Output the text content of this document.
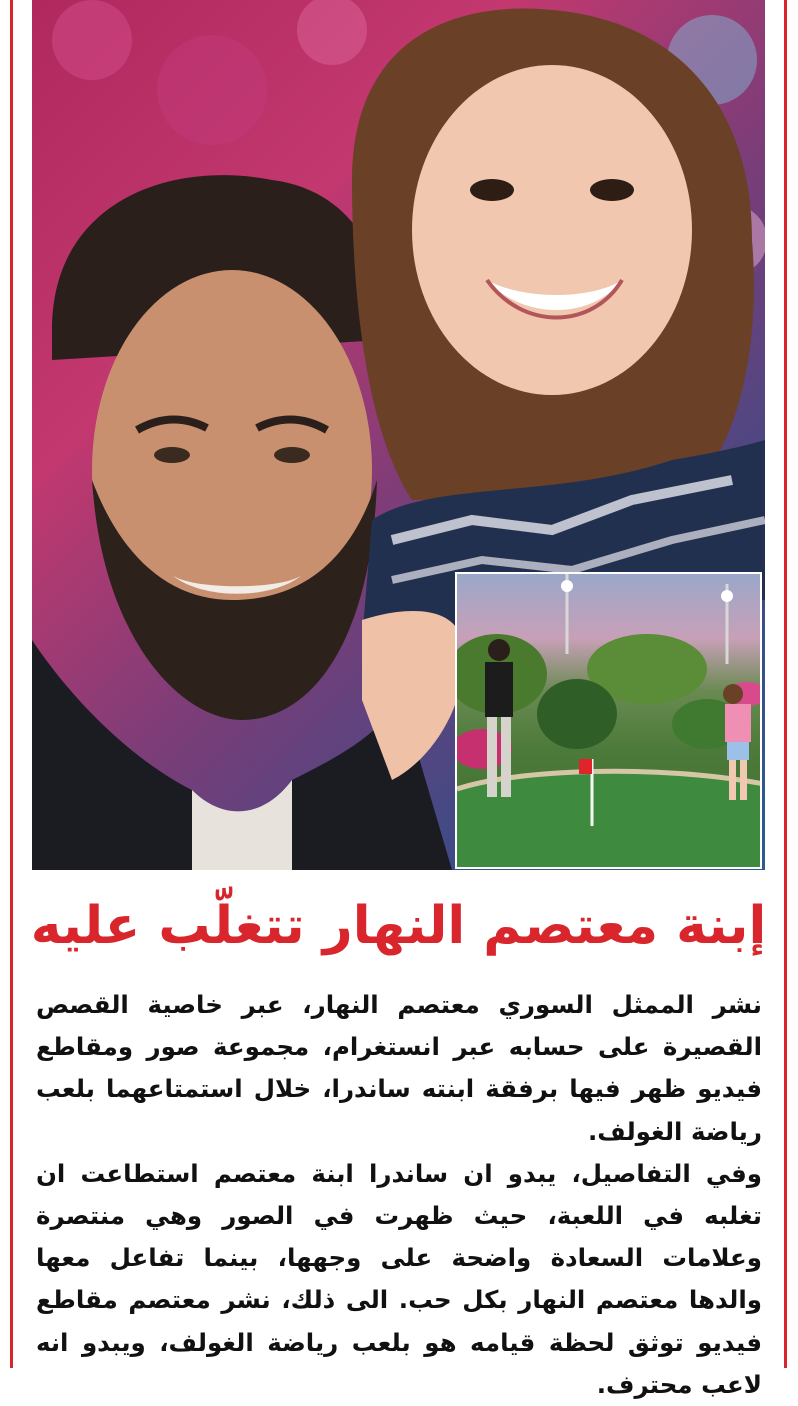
إبنة معتصم النهار تتغلّب عليه

نشر الممثل السوري معتصم النهار، عبر خاصية القصص القصيرة على حسابه عبر انستغرام، مجموعة صور ومقاطع فيديو ظهر فيها برفقة ابنته ساندرا، خلال استمتاعهما بلعب رياضة الغولف.

وفي التفاصيل، يبدو ان ساندرا ابنة معتصم استطاعت ان تغلبه في اللعبة، حيث ظهرت في الصور وهي منتصرة وعلامات السعادة واضحة على وجهها، بينما تفاعل معها والدها معتصم النهار بكل حب. الى ذلك، نشر معتصم مقاطع فيديو توثق لحظة قيامه هو بلعب رياضة الغولف، ويبدو انه لاعب محترف.
